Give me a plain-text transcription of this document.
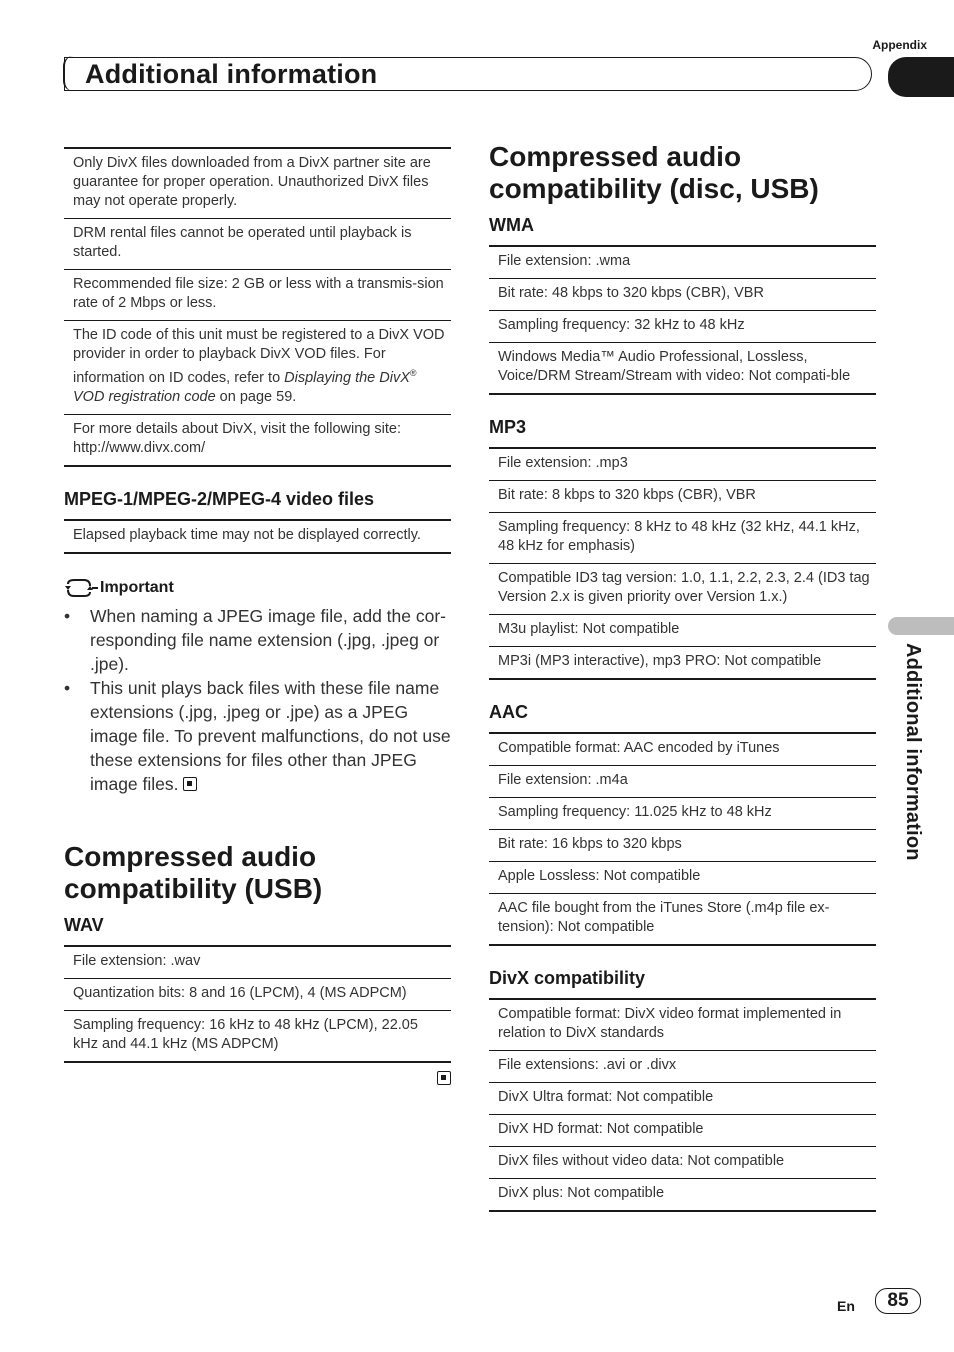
Appendix
Additional information
Additional information
Only DivX files downloaded from a DivX partner site are guarantee for proper operation. Unauthorized DivX files may not operate properly.
DRM rental files cannot be operated until playback is started.
Recommended file size: 2 GB or less with a transmis-sion rate of 2 Mbps or less.
The ID code of this unit must be registered to a DivX VOD provider in order to playback DivX VOD files. For information on ID codes, refer to Displaying the DivX® VOD registration code on page 59.
For more details about DivX, visit the following site: http://www.divx.com/
MPEG-1/MPEG-2/MPEG-4 video files
Elapsed playback time may not be displayed correctly.
Important
• When naming a JPEG image file, add the cor-responding file name extension (.jpg, .jpeg or .jpe).
• This unit plays back files with these file name extensions (.jpg, .jpeg or .jpe) as a JPEG image file. To prevent malfunctions, do not use these extensions for files other than JPEG image files.
Compressed audio compatibility (USB)
WAV
File extension: .wav
Quantization bits: 8 and 16 (LPCM), 4 (MS ADPCM)
Sampling frequency: 16 kHz to 48 kHz (LPCM), 22.05 kHz and 44.1 kHz (MS ADPCM)
Compressed audio compatibility (disc, USB)
WMA
File extension: .wma
Bit rate: 48 kbps to 320 kbps (CBR), VBR
Sampling frequency: 32 kHz to 48 kHz
Windows Media™ Audio Professional, Lossless, Voice/DRM Stream/Stream with video: Not compati-ble
MP3
File extension: .mp3
Bit rate: 8 kbps to 320 kbps (CBR), VBR
Sampling frequency: 8 kHz to 48 kHz (32 kHz, 44.1 kHz, 48 kHz for emphasis)
Compatible ID3 tag version: 1.0, 1.1, 2.2, 2.3, 2.4 (ID3 tag Version 2.x is given priority over Version 1.x.)
M3u playlist: Not compatible
MP3i (MP3 interactive), mp3 PRO: Not compatible
AAC
Compatible format: AAC encoded by iTunes
File extension: .m4a
Sampling frequency: 11.025 kHz to 48 kHz
Bit rate: 16 kbps to 320 kbps
Apple Lossless: Not compatible
AAC file bought from the iTunes Store (.m4p file ex-tension): Not compatible
DivX compatibility
Compatible format: DivX video format implemented in relation to DivX standards
File extensions: .avi or .divx
DivX Ultra format: Not compatible
DivX HD format: Not compatible
DivX files without video data: Not compatible
DivX plus: Not compatible
En	85
